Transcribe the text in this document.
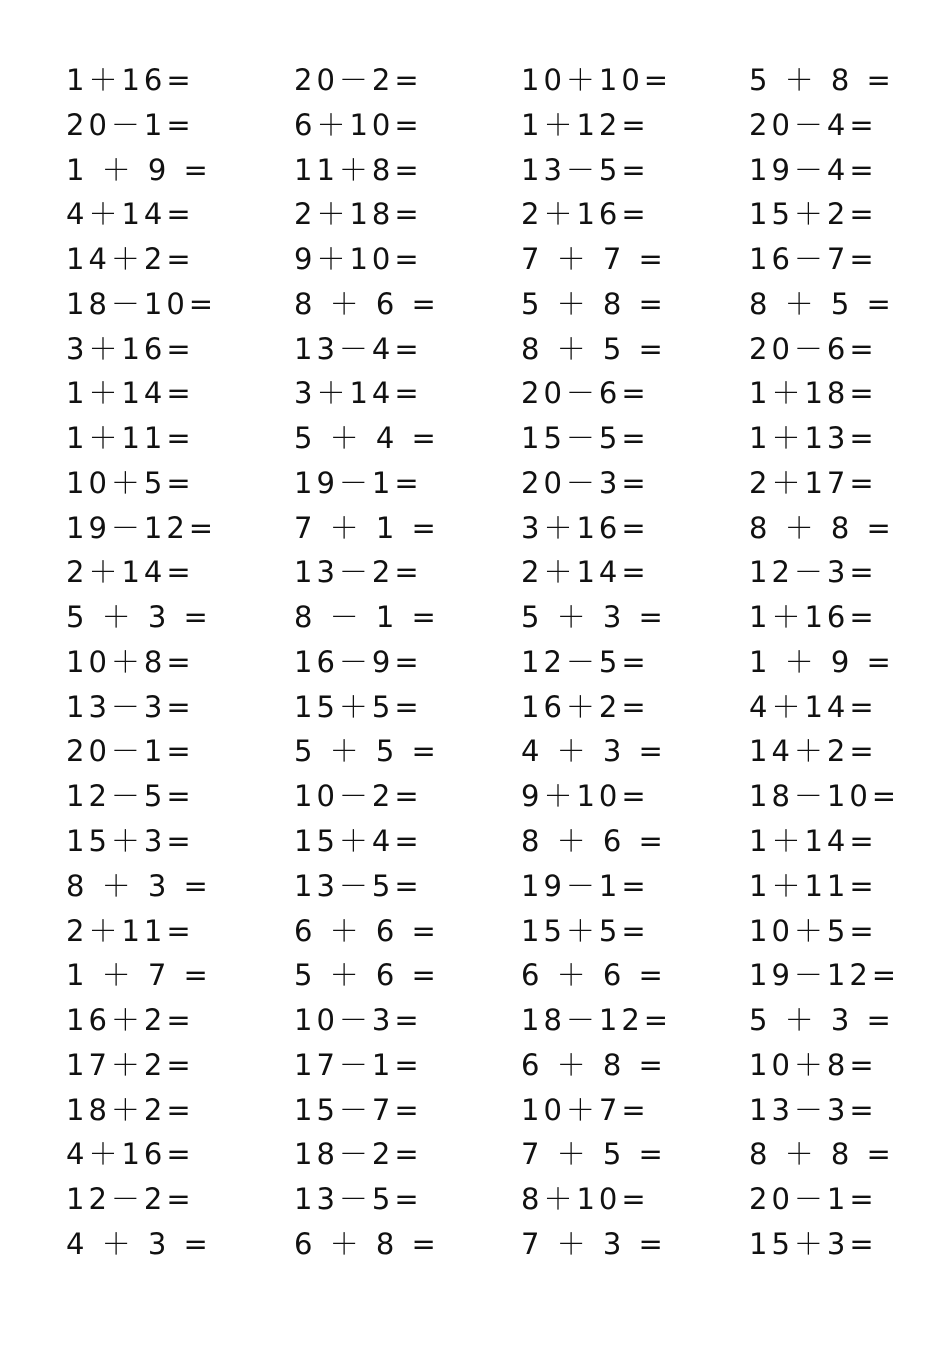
1＋16=
20－1=
1 ＋ 9 =
4＋14=
14＋2=
18－10=
3＋16=
1＋14=
1＋11=
10＋5=
19－12=
2＋14=
5 ＋ 3 =
10＋8=
13－3=
20－1=
12－5=
15＋3=
8 ＋ 3 =
2＋11=
1 ＋ 7 =
16＋2=
17＋2=
18＋2=
4＋16=
12－2=
4 ＋ 3 =
20－2=
6＋10=
11＋8=
2＋18=
9＋10=
8 ＋ 6 =
13－4=
3＋14=
5 ＋ 4 =
19－1=
7 ＋ 1 =
13－2=
8 － 1 =
16－9=
15＋5=
5 ＋ 5 =
10－2=
15＋4=
13－5=
6 ＋ 6 =
5 ＋ 6 =
10－3=
17－1=
15－7=
18－2=
13－5=
6 ＋ 8 =
10＋10=
1＋12=
13－5=
2＋16=
7 ＋ 7 =
5 ＋ 8 =
8 ＋ 5 =
20－6=
15－5=
20－3=
3＋16=
2＋14=
5 ＋ 3 =
12－5=
16＋2=
4 ＋ 3 =
9＋10=
8 ＋ 6 =
19－1=
15＋5=
6 ＋ 6 =
18－12=
6 ＋ 8 =
10＋7=
7 ＋ 5 =
8＋10=
7 ＋ 3 =
5 ＋ 8 =
20－4=
19－4=
15＋2=
16－7=
8 ＋ 5 =
20－6=
1＋18=
1＋13=
2＋17=
8 ＋ 8 =
12－3=
1＋16=
1 ＋ 9 =
4＋14=
14＋2=
18－10=
1＋14=
1＋11=
10＋5=
19－12=
5 ＋ 3 =
10＋8=
13－3=
8 ＋ 8 =
20－1=
15＋3=
